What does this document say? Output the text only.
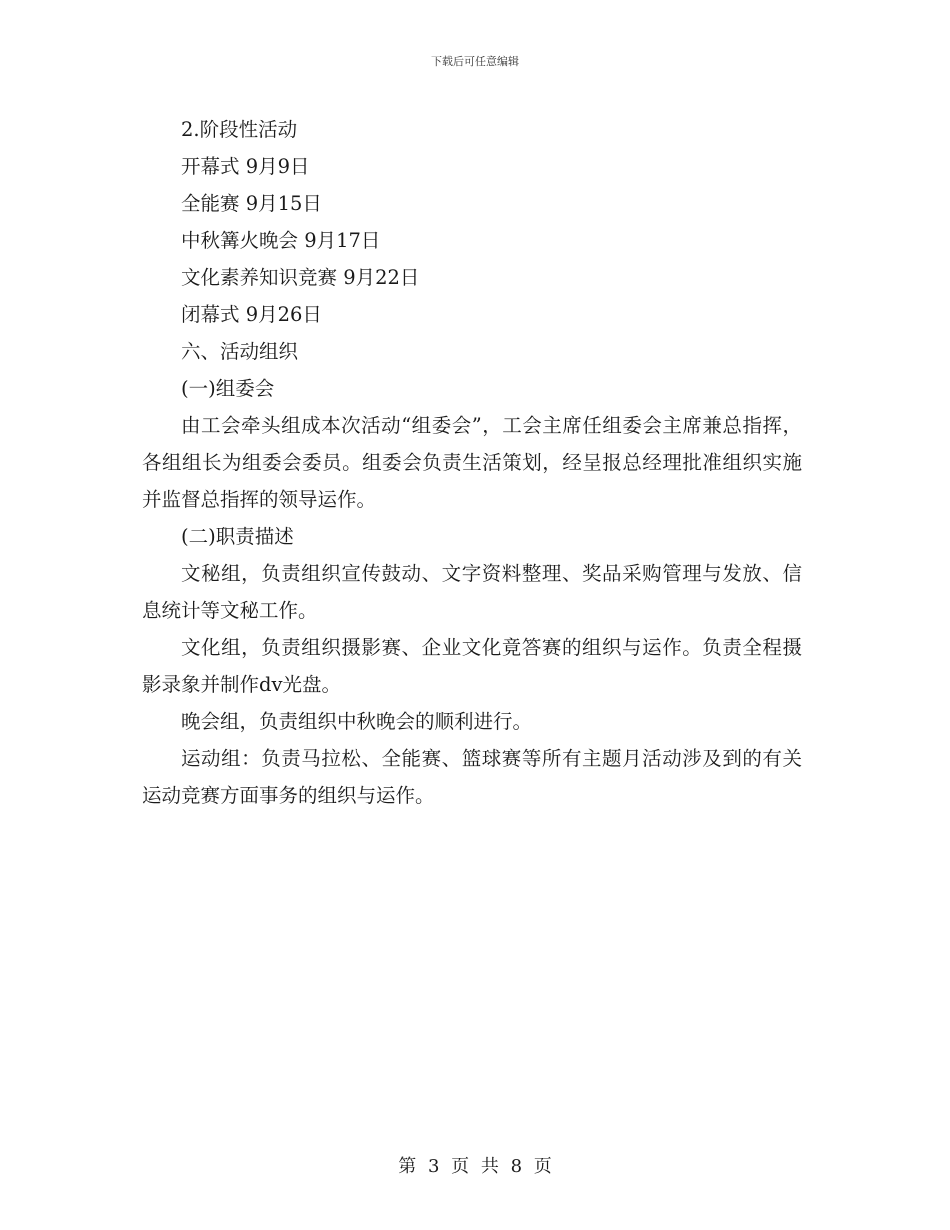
下载后可任意编辑

2.阶段性活动

开幕式 9月9日

全能赛 9月15日

中秋篝火晚会 9月17日

文化素养知识竞赛 9月22日

闭幕式 9月26日

六、活动组织

(一)组委会

由工会牵头组成本次活动“组委会”，工会主席任组委会主席兼总指挥，各组组长为组委会委员。组委会负责生活策划，经呈报总经理批准组织实施并监督总指挥的领导运作。

(二)职责描述

文秘组，负责组织宣传鼓动、文字资料整理、奖品采购管理与发放、信息统计等文秘工作。

文化组，负责组织摄影赛、企业文化竟答赛的组织与运作。负责全程摄影录象并制作dv光盘。

晚会组，负责组织中秋晚会的顺利进行。

运动组：负责马拉松、全能赛、篮球赛等所有主题月活动涉及到的有关运动竞赛方面事务的组织与运作。

第 3 页 共 8 页
